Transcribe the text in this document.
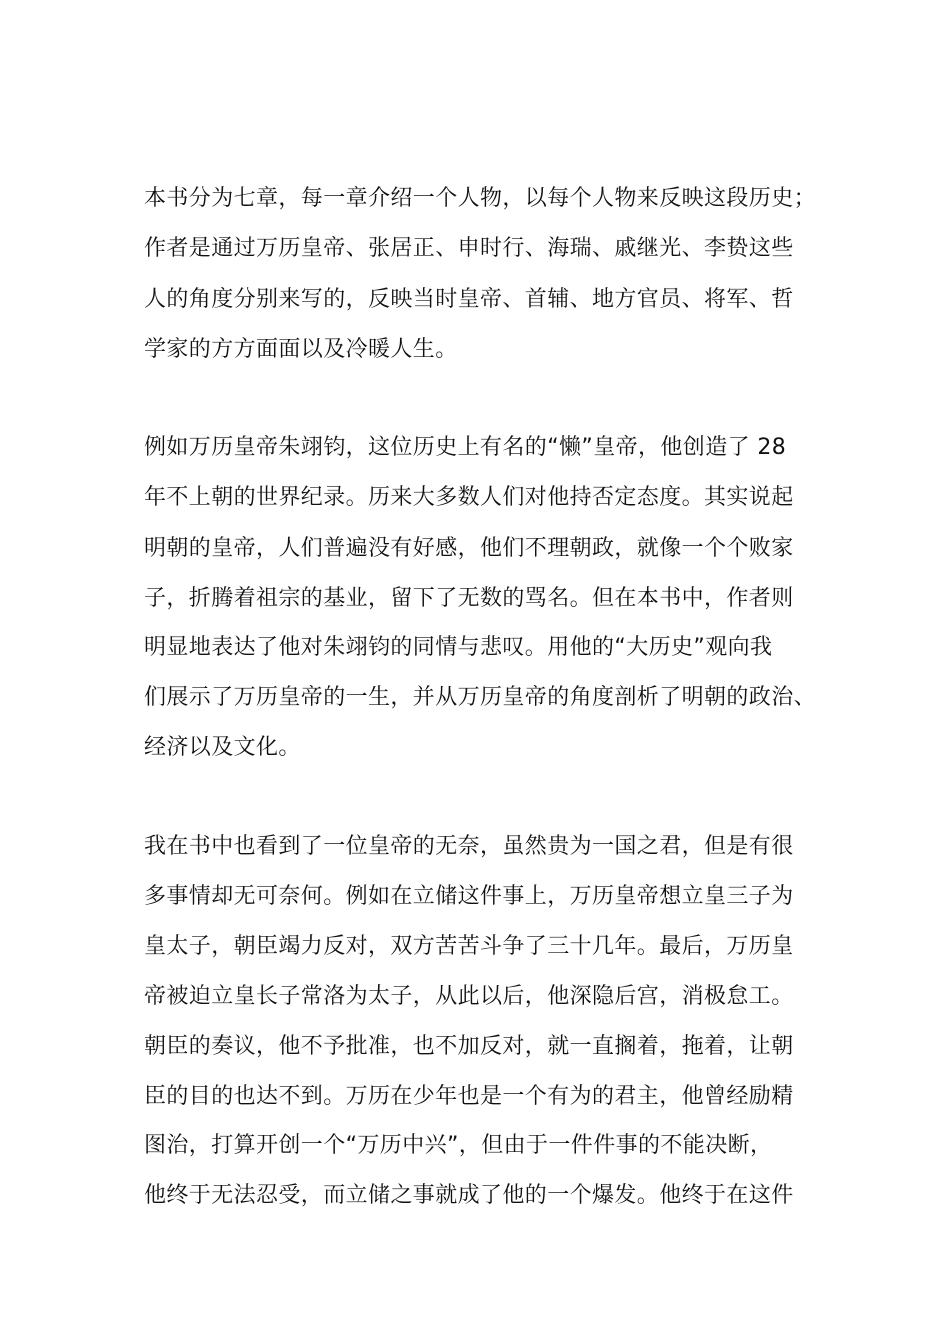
本书分为七章，每一章介绍一个人物，以每个人物来反映这段历史；
作者是通过万历皇帝、张居正、申时行、海瑞、戚继光、李贽这些
人的角度分别来写的，反映当时皇帝、首辅、地方官员、将军、哲
学家的方方面面以及冷暖人生。
例如万历皇帝朱翊钧，这位历史上有名的“懒”皇帝，他创造了 28
年不上朝的世界纪录。历来大多数人们对他持否定态度。其实说起
明朝的皇帝，人们普遍没有好感，他们不理朝政，就像一个个败家
子，折腾着祖宗的基业，留下了无数的骂名。但在本书中，作者则
明显地表达了他对朱翊钧的同情与悲叹。用他的“大历史”观向我
们展示了万历皇帝的一生，并从万历皇帝的角度剖析了明朝的政治、
经济以及文化。
我在书中也看到了一位皇帝的无奈，虽然贵为一国之君，但是有很
多事情却无可奈何。例如在立储这件事上，万历皇帝想立皇三子为
皇太子，朝臣竭力反对，双方苦苦斗争了三十几年。最后，万历皇
帝被迫立皇长子常洛为太子，从此以后，他深隐后宫，消极怠工。
朝臣的奏议，他不予批准，也不加反对，就一直搁着，拖着，让朝
臣的目的也达不到。万历在少年也是一个有为的君主，他曾经励精
图治，打算开创一个“万历中兴”，但由于一件件事的不能决断，
他终于无法忍受，而立储之事就成了他的一个爆发。他终于在这件
